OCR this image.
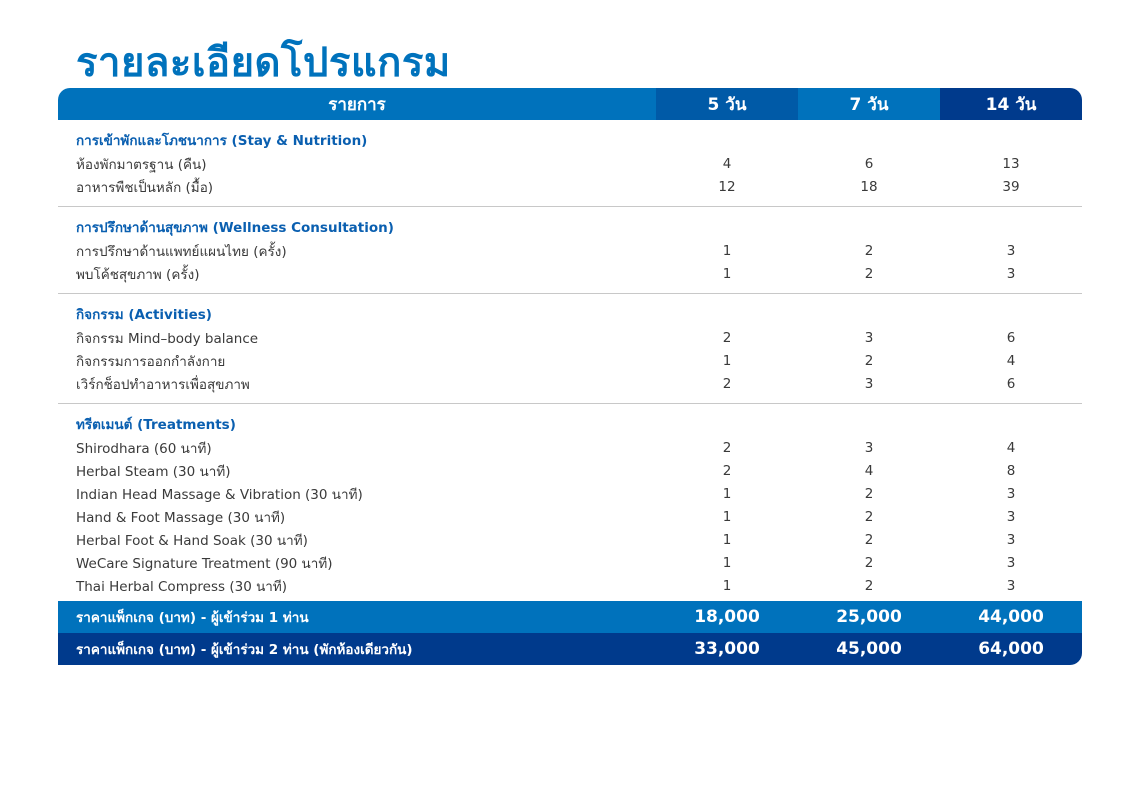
รายละเอียดโปรแกรม
รายการ	5 วัน	7 วัน	14 วัน
การเข้าพักและโภชนาการ (Stay & Nutrition)
ห้องพักมาตรฐาน (คืน)	4	6	13
อาหารพืชเป็นหลัก (มื้อ)	12	18	39
การปรึกษาด้านสุขภาพ (Wellness Consultation)
การปรึกษาด้านแพทย์แผนไทย (ครั้ง)	1	2	3
พบโค้ชสุขภาพ (ครั้ง)	1	2	3
กิจกรรม (Activities)
กิจกรรม Mind–body balance	2	3	6
กิจกรรมการออกกำลังกาย	1	2	4
เวิร์กช็อปทำอาหารเพื่อสุขภาพ	2	3	6
ทรีตเมนต์ (Treatments)
Shirodhara (60 นาที)	2	3	4
Herbal Steam (30 นาที)	2	4	8
Indian Head Massage & Vibration (30 นาที)	1	2	3
Hand & Foot Massage (30 นาที)	1	2	3
Herbal Foot & Hand Soak (30 นาที)	1	2	3
WeCare Signature Treatment (90 นาที)	1	2	3
Thai Herbal Compress (30 นาที)	1	2	3
ราคาแพ็กเกจ (บาท) - ผู้เข้าร่วม 1 ท่าน	18,000	25,000	44,000
ราคาแพ็กเกจ (บาท) - ผู้เข้าร่วม 2 ท่าน (พักห้องเดียวกัน)	33,000	45,000	64,000
